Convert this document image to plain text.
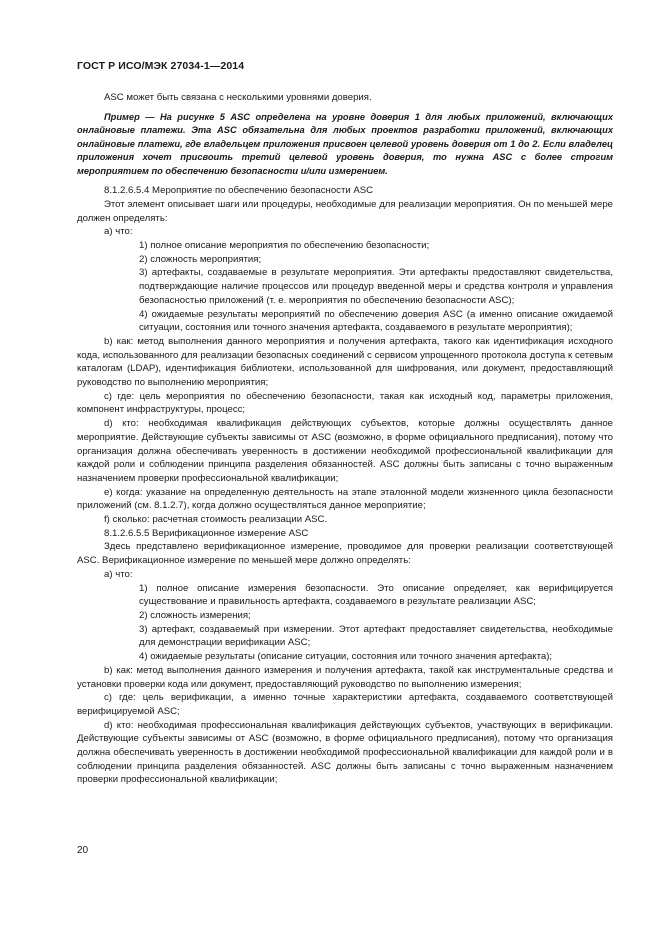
ГОСТ Р ИСО/МЭК 27034-1—2014

ASC может быть связана с несколькими уровнями доверия.

Пример — На рисунке 5 ASC определена на уровне доверия 1 для любых приложений, включающих онлайновые платежи. Эта ASC обязательна для любых проектов разработки приложений, включающих онлайновые платежи, где владельцем приложения присвоен целевой уровень доверия от 1 до 2. Если владелец приложения хочет присвоить третий целевой уровень доверия, то нужна ASC с более строгим мероприятием по обеспечению безопасности и/или измерением.

8.1.2.6.5.4 Мероприятие по обеспечению безопасности ASC

Этот элемент описывает шаги или процедуры, необходимые для реализации мероприятия. Он по меньшей мере должен определять:

а) что:

1) полное описание мероприятия по обеспечению безопасности;

2) сложность мероприятия;

3) артефакты, создаваемые в результате мероприятия. Эти артефакты предоставляют свидетельства, подтверждающие наличие процессов или процедур введенной меры и средства контроля и управления безопасностью приложений (т. е. мероприятия по обеспечению безопасности ASC);

4) ожидаемые результаты мероприятий по обеспечению доверия ASC (а именно описание ожидаемой ситуации, состояния или точного значения артефакта, создаваемого в результате мероприятия);

b) как: метод выполнения данного мероприятия и получения артефакта, такого как идентификация исходного кода, использованного для реализации безопасных соединений с сервисом упрощенного протокола доступа к сетевым каталогам (LDAP), идентификация библиотеки, использованной для шифрования, или документ, предоставляющий руководство по выполнению мероприятия;

c) где: цель мероприятия по обеспечению безопасности, такая как исходный код, параметры приложения, компонент инфраструктуры, процесс;

d) кто: необходимая квалификация действующих субъектов, которые должны осуществлять данное мероприятие. Действующие субъекты зависимы от ASC (возможно, в форме официального предписания), потому что организация должна обеспечивать уверенность в достижении необходимой профессиональной квалификации для каждой роли и соблюдении принципа разделения обязанностей. ASC должны быть записаны с точно выраженным назначением проверки профессиональной квалификации;

e) когда: указание на определенную деятельность на этапе эталонной модели жизненного цикла безопасности приложений (см. 8.1.2.7), когда должно осуществляться данное мероприятие;

f) сколько: расчетная стоимость реализации ASC.

8.1.2.6.5.5 Верификационное измерение ASC

Здесь представлено верификационное измерение, проводимое для проверки реализации соответствующей ASC. Верификационное измерение по меньшей мере должно определять:

а) что:

1) полное описание измерения безопасности. Это описание определяет, как верифицируется существование и правильность артефакта, создаваемого в результате реализации ASC;

2) сложность измерения;

3) артефакт, создаваемый при измерении. Этот артефакт предоставляет свидетельства, необходимые для демонстрации верификации ASC;

4) ожидаемые результаты (описание ситуации, состояния или точного значения артефакта);

b) как: метод выполнения данного измерения и получения артефакта, такой как инструментальные средства и установки проверки кода или документ, предоставляющий руководство по выполнению измерения;

c) где: цель верификации, а именно точные характеристики артефакта, создаваемого соответствующей верифицируемой ASC;

d) кто: необходимая профессиональная квалификация действующих субъектов, участвующих в верификации. Действующие субъекты зависимы от ASC (возможно, в форме официального предписания), потому что организация должна обеспечивать уверенность в достижении необходимой профессиональной квалификации для каждой роли и в соблюдении принципа разделения обязанностей. ASC должны быть записаны с точно выраженным назначением проверки профессиональной квалификации;

20
